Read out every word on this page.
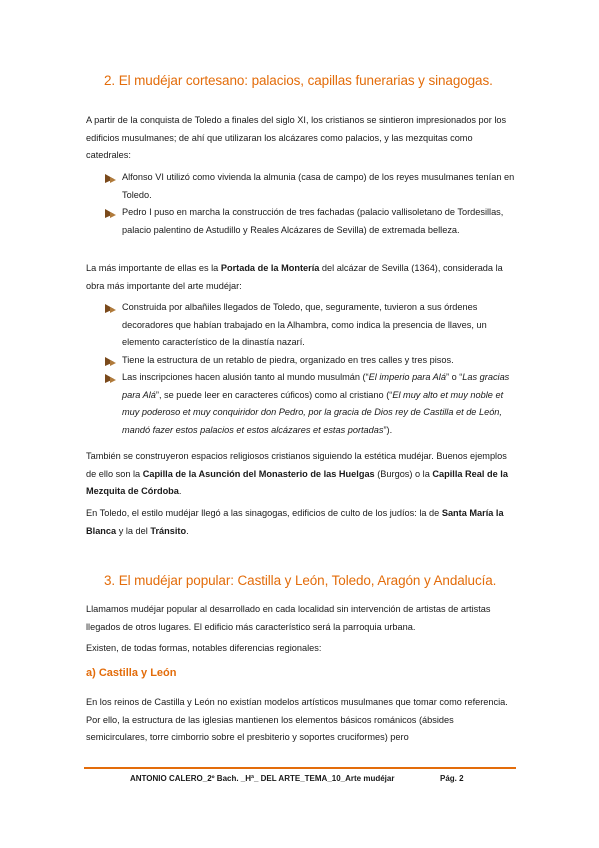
2. El mudéjar cortesano: palacios, capillas funerarias y sinagogas.

A partir de la conquista de Toledo a finales del siglo XI, los cristianos se sintieron impresionados por los edificios musulmanes; de ahí que utilizaran los alcázares como palacios, y las mezquitas como catedrales:

Alfonso VI utilizó como vivienda la almunia (casa de campo) de los reyes musulmanes tenían en Toledo.
Pedro I puso en marcha la construcción de tres fachadas (palacio vallisoletano de Tordesillas, palacio palentino de Astudillo y Reales Alcázares de Sevilla) de extremada belleza.

La más importante de ellas es la Portada de la Montería del alcázar de Sevilla (1364), considerada la obra más importante del arte mudéjar:

Construida por albañiles llegados de Toledo, que, seguramente, tuvieron a sus órdenes decoradores que habían trabajado en la Alhambra, como indica la presencia de llaves, un elemento característico de la dinastía nazarí.
Tiene la estructura de un retablo de piedra, organizado en tres calles y tres pisos.
Las inscripciones hacen alusión tanto al mundo musulmán (“El imperio para Alá” o “Las gracias para Alá”, se puede leer en caracteres cúficos) como al cristiano (“El muy alto et muy noble et muy poderoso et muy conquiridor don Pedro, por la gracia de Dios rey de Castilla et de León, mandó fazer estos palacios et estos alcázares et estas portadas”).

También se construyeron espacios religiosos cristianos siguiendo la estética mudéjar. Buenos ejemplos de ello son la Capilla de la Asunción del Monasterio de las Huelgas (Burgos) o la Capilla Real de la Mezquita de Córdoba.

En Toledo, el estilo mudéjar llegó a las sinagogas, edificios de culto de los judíos: la de Santa María la Blanca y la del Tránsito.

3. El mudéjar popular: Castilla y León, Toledo, Aragón y Andalucía.

Llamamos mudéjar popular al desarrollado en cada localidad sin intervención de artistas de artistas llegados de otros lugares. El edificio más característico será la parroquia urbana.

Existen, de todas formas, notables diferencias regionales:

a) Castilla y León

En los reinos de Castilla y León no existían modelos artísticos musulmanes que tomar como referencia. Por ello, la estructura de las iglesias mantienen los elementos básicos románicos (ábsides semicirculares, torre cimborrio sobre el presbiterio y soportes cruciformes) pero

ANTONIO CALERO_2º Bach. _Hª_ DEL ARTE_TEMA_10_Arte mudéjar	Pág. 2
